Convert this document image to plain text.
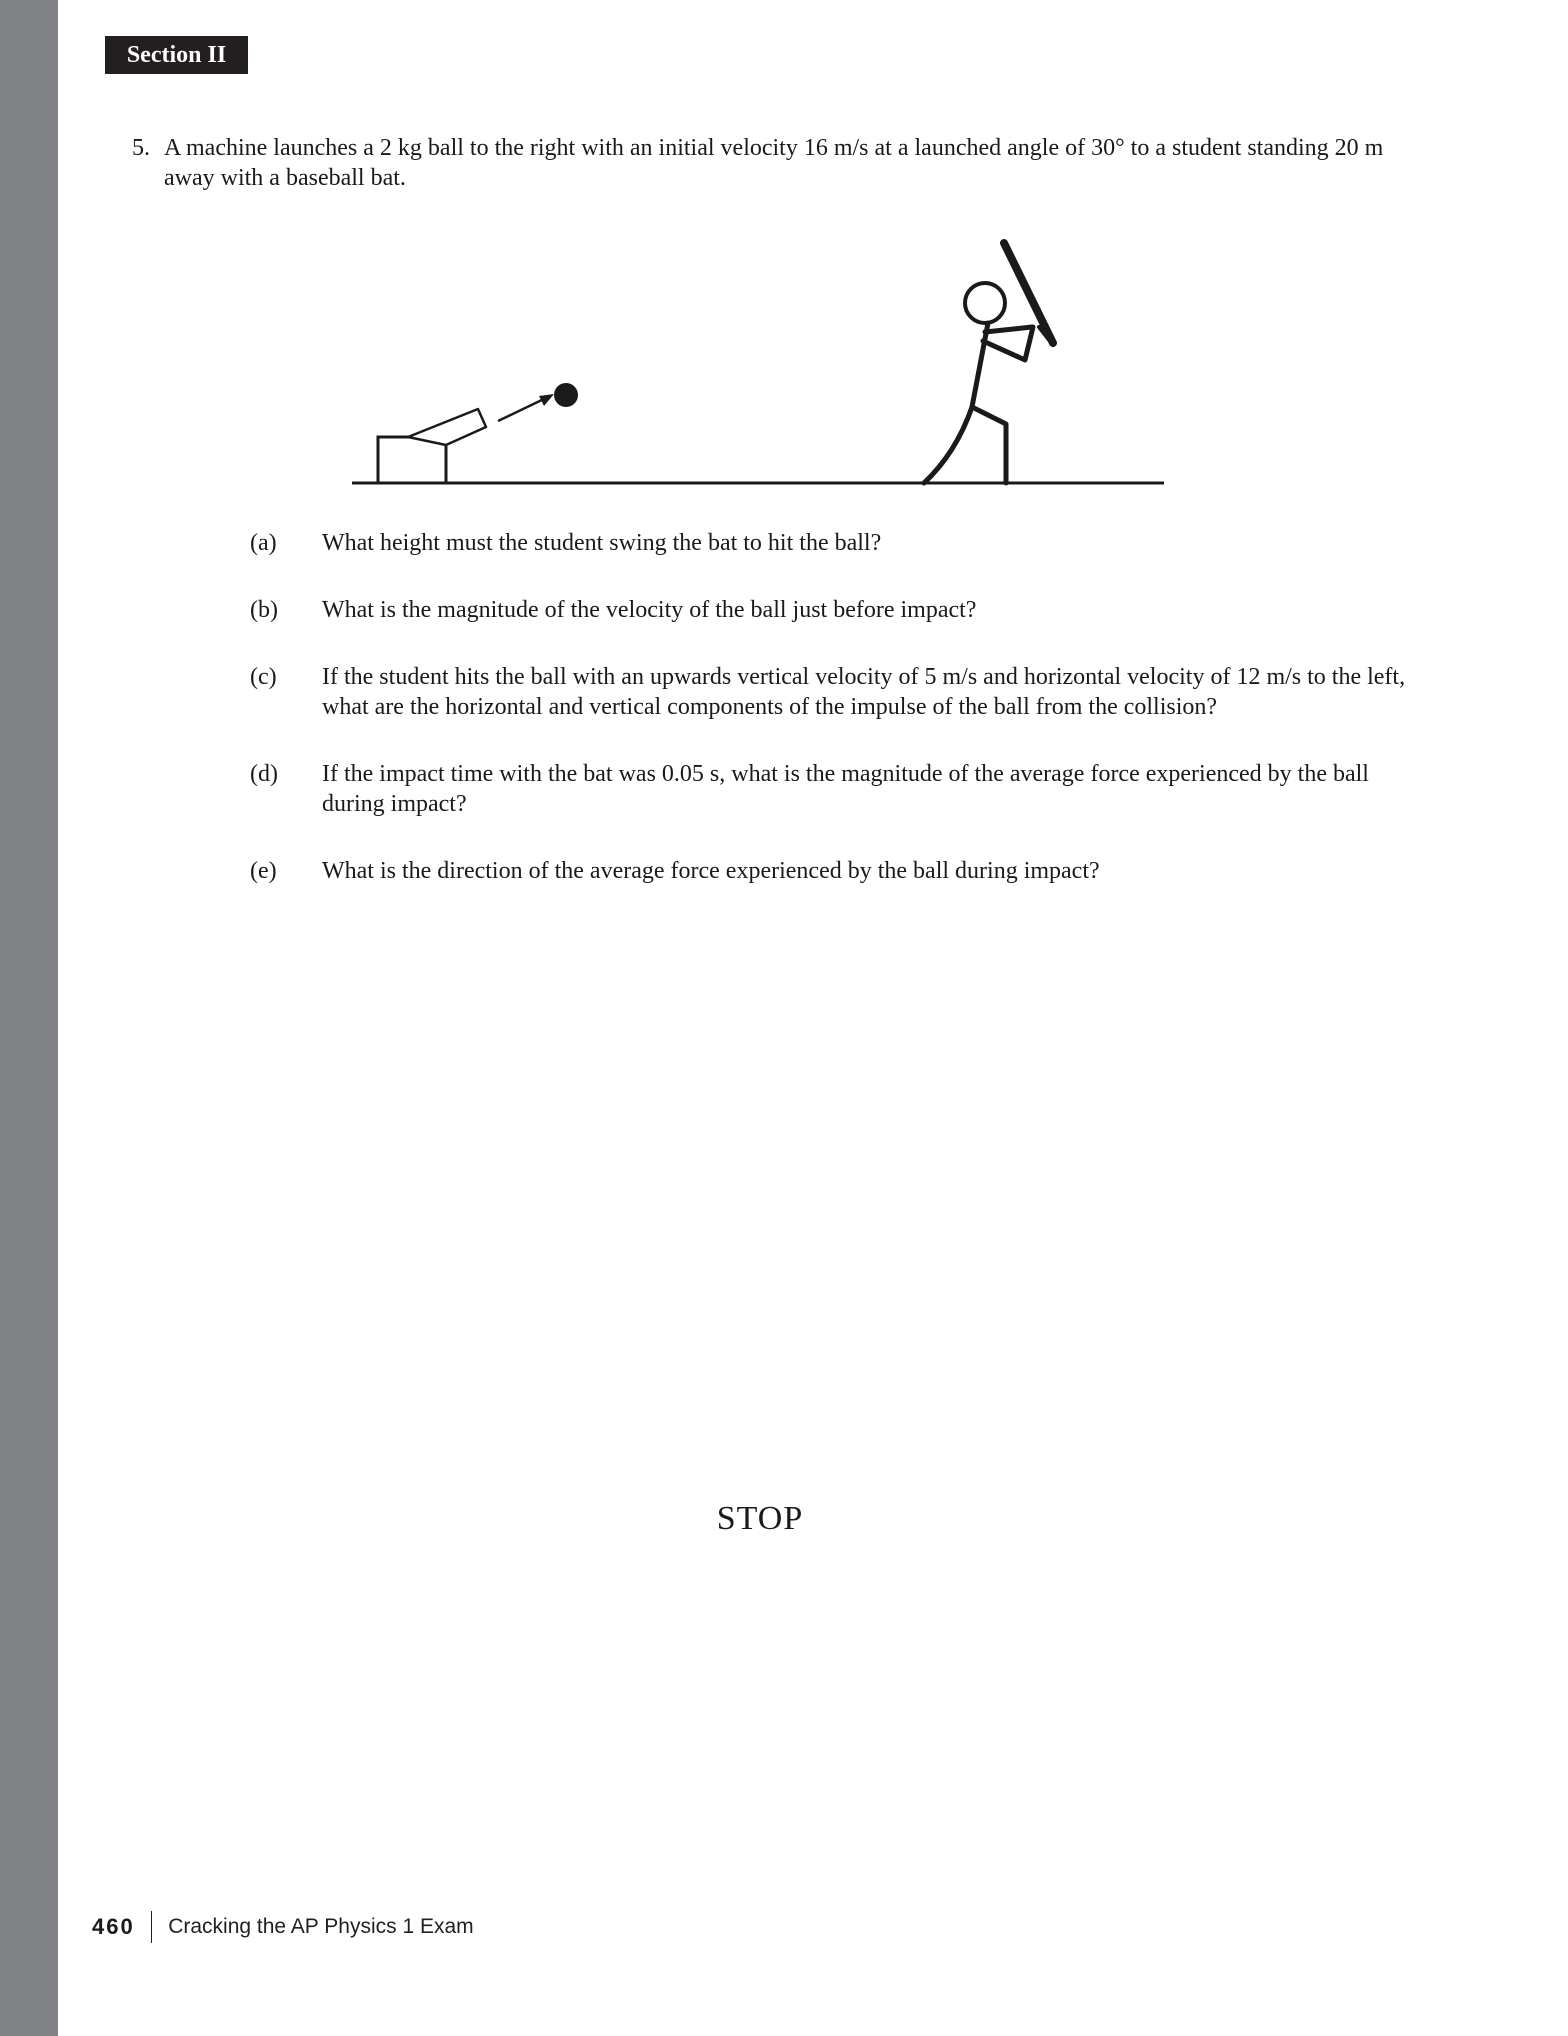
Section II
5. A machine launches a 2 kg ball to the right with an initial velocity 16 m/s at a launched angle of 30° to a student standing 20 m away with a baseball bat.
(a) What height must the student swing the bat to hit the ball?
(b) What is the magnitude of the velocity of the ball just before impact?
(c) If the student hits the ball with an upwards vertical velocity of 5 m/s and horizontal velocity of 12 m/s to the left, what are the horizontal and vertical components of the impulse of the ball from the collision?
(d) If the impact time with the bat was 0.05 s, what is the magnitude of the average force experienced by the ball during impact?
(e) What is the direction of the average force experienced by the ball during impact?
STOP
460 Cracking the AP Physics 1 Exam
